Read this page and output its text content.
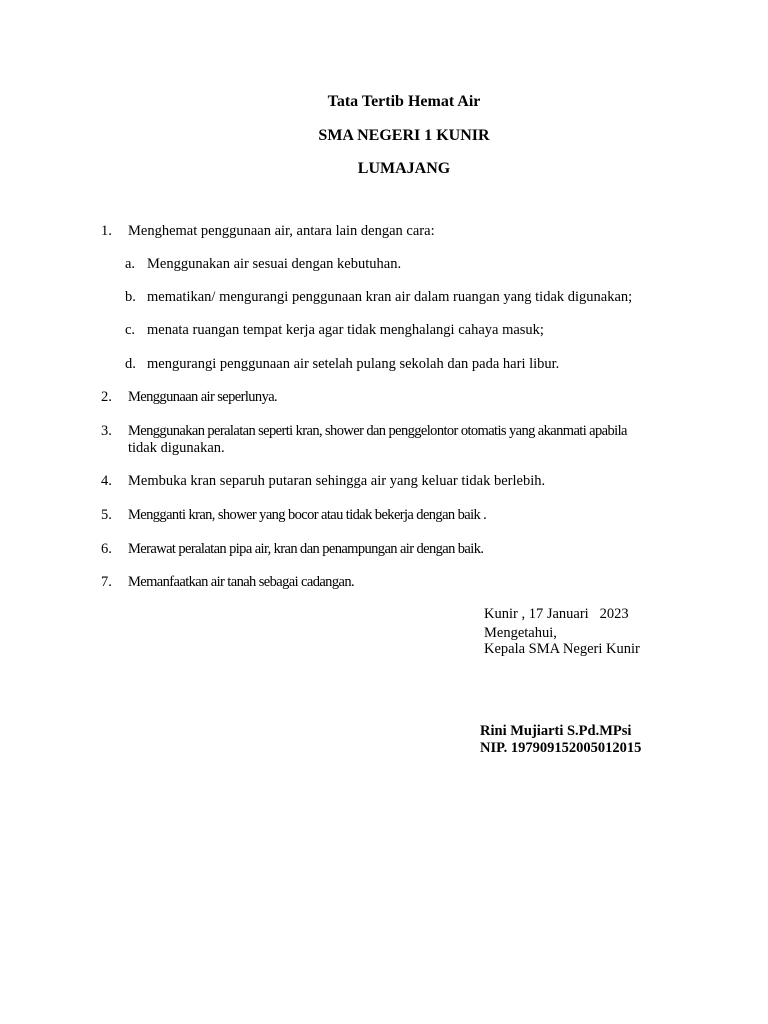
Tata Tertib Hemat Air
SMA NEGERI 1 KUNIR
LUMAJANG
1. Menghemat penggunaan air, antara lain dengan cara:
a. Menggunakan air sesuai dengan kebutuhan.
b. mematikan/ mengurangi penggunaan kran air dalam ruangan yang tidak digunakan;
c. menata ruangan tempat kerja agar tidak menghalangi cahaya masuk;
d. mengurangi penggunaan air setelah pulang sekolah dan pada hari libur.
2. Menggunaan air seperlunya.
3. Menggunakan peralatan seperti kran, shower dan penggelontor otomatis yang akanmati apabila
tidak digunakan.
4. Membuka kran separuh putaran sehingga air yang keluar tidak berlebih.
5. Mengganti kran, shower yang bocor atau tidak bekerja dengan baik .
6. Merawat peralatan pipa air, kran dan penampungan air dengan baik.
7. Memanfaatkan air tanah sebagai cadangan.
Kunir , 17 Januari   2023
Mengetahui,
Kepala SMA Negeri Kunir
Rini Mujiarti S.Pd.MPsi
NIP. 197909152005012015
